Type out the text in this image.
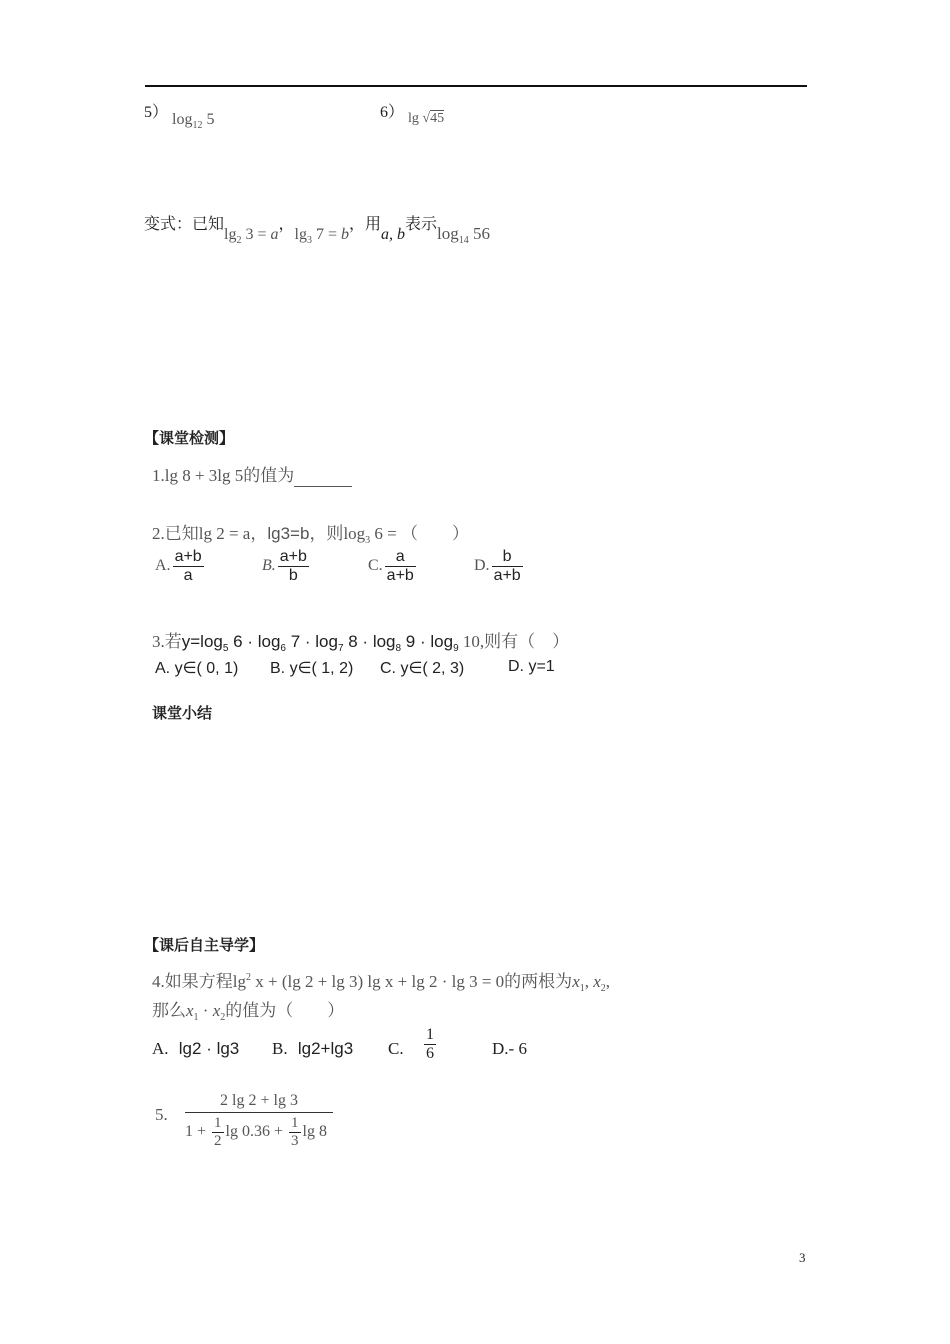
5） $\log_{12} 5$	6） lg √45
变式：已知$\lg_2 3 = a$，$\lg_3 7 = b$，用a, b表示$\log_{14} 56$
【课堂检测】
1.lg 8 + 3lg 5的值为
2.已知lg 2 = a，lg3=b，则$\log_3 6$ = （　　）
A. $\frac{a+b}{a}$	B. $\frac{a+b}{b}$	C. $\frac{a}{a+b}$	D. $\frac{b}{a+b}$
3.若$y=\log_5$ $6 \cdot \log_6 7 \cdot \log_7 8 \cdot \log_8 9 \cdot \log_9 10$,则有（　）
A. y∈( 0, 1) B. y∈( 1, 2) C. y∈( 2, 3)	D. y=1
课堂小结
【课后自主导学】
4.如果方程$\lg^2 x + (\lg$ 2 + lg 3) lg x + lg 2 · lg 3 = 0的两根为$x_1$, $x_2$,
那么$x_1 \cdot x_2$的值为（　　）
A. lg2 · lg3 B. lg2+lg3 C. $\frac{1}{6}$	D.- 6
5. $\frac{2 \lg 2 + \lg 3}{1 + \frac{1}{2} \lg 0.36 + \frac{1}{3} \lg 8}$
3
